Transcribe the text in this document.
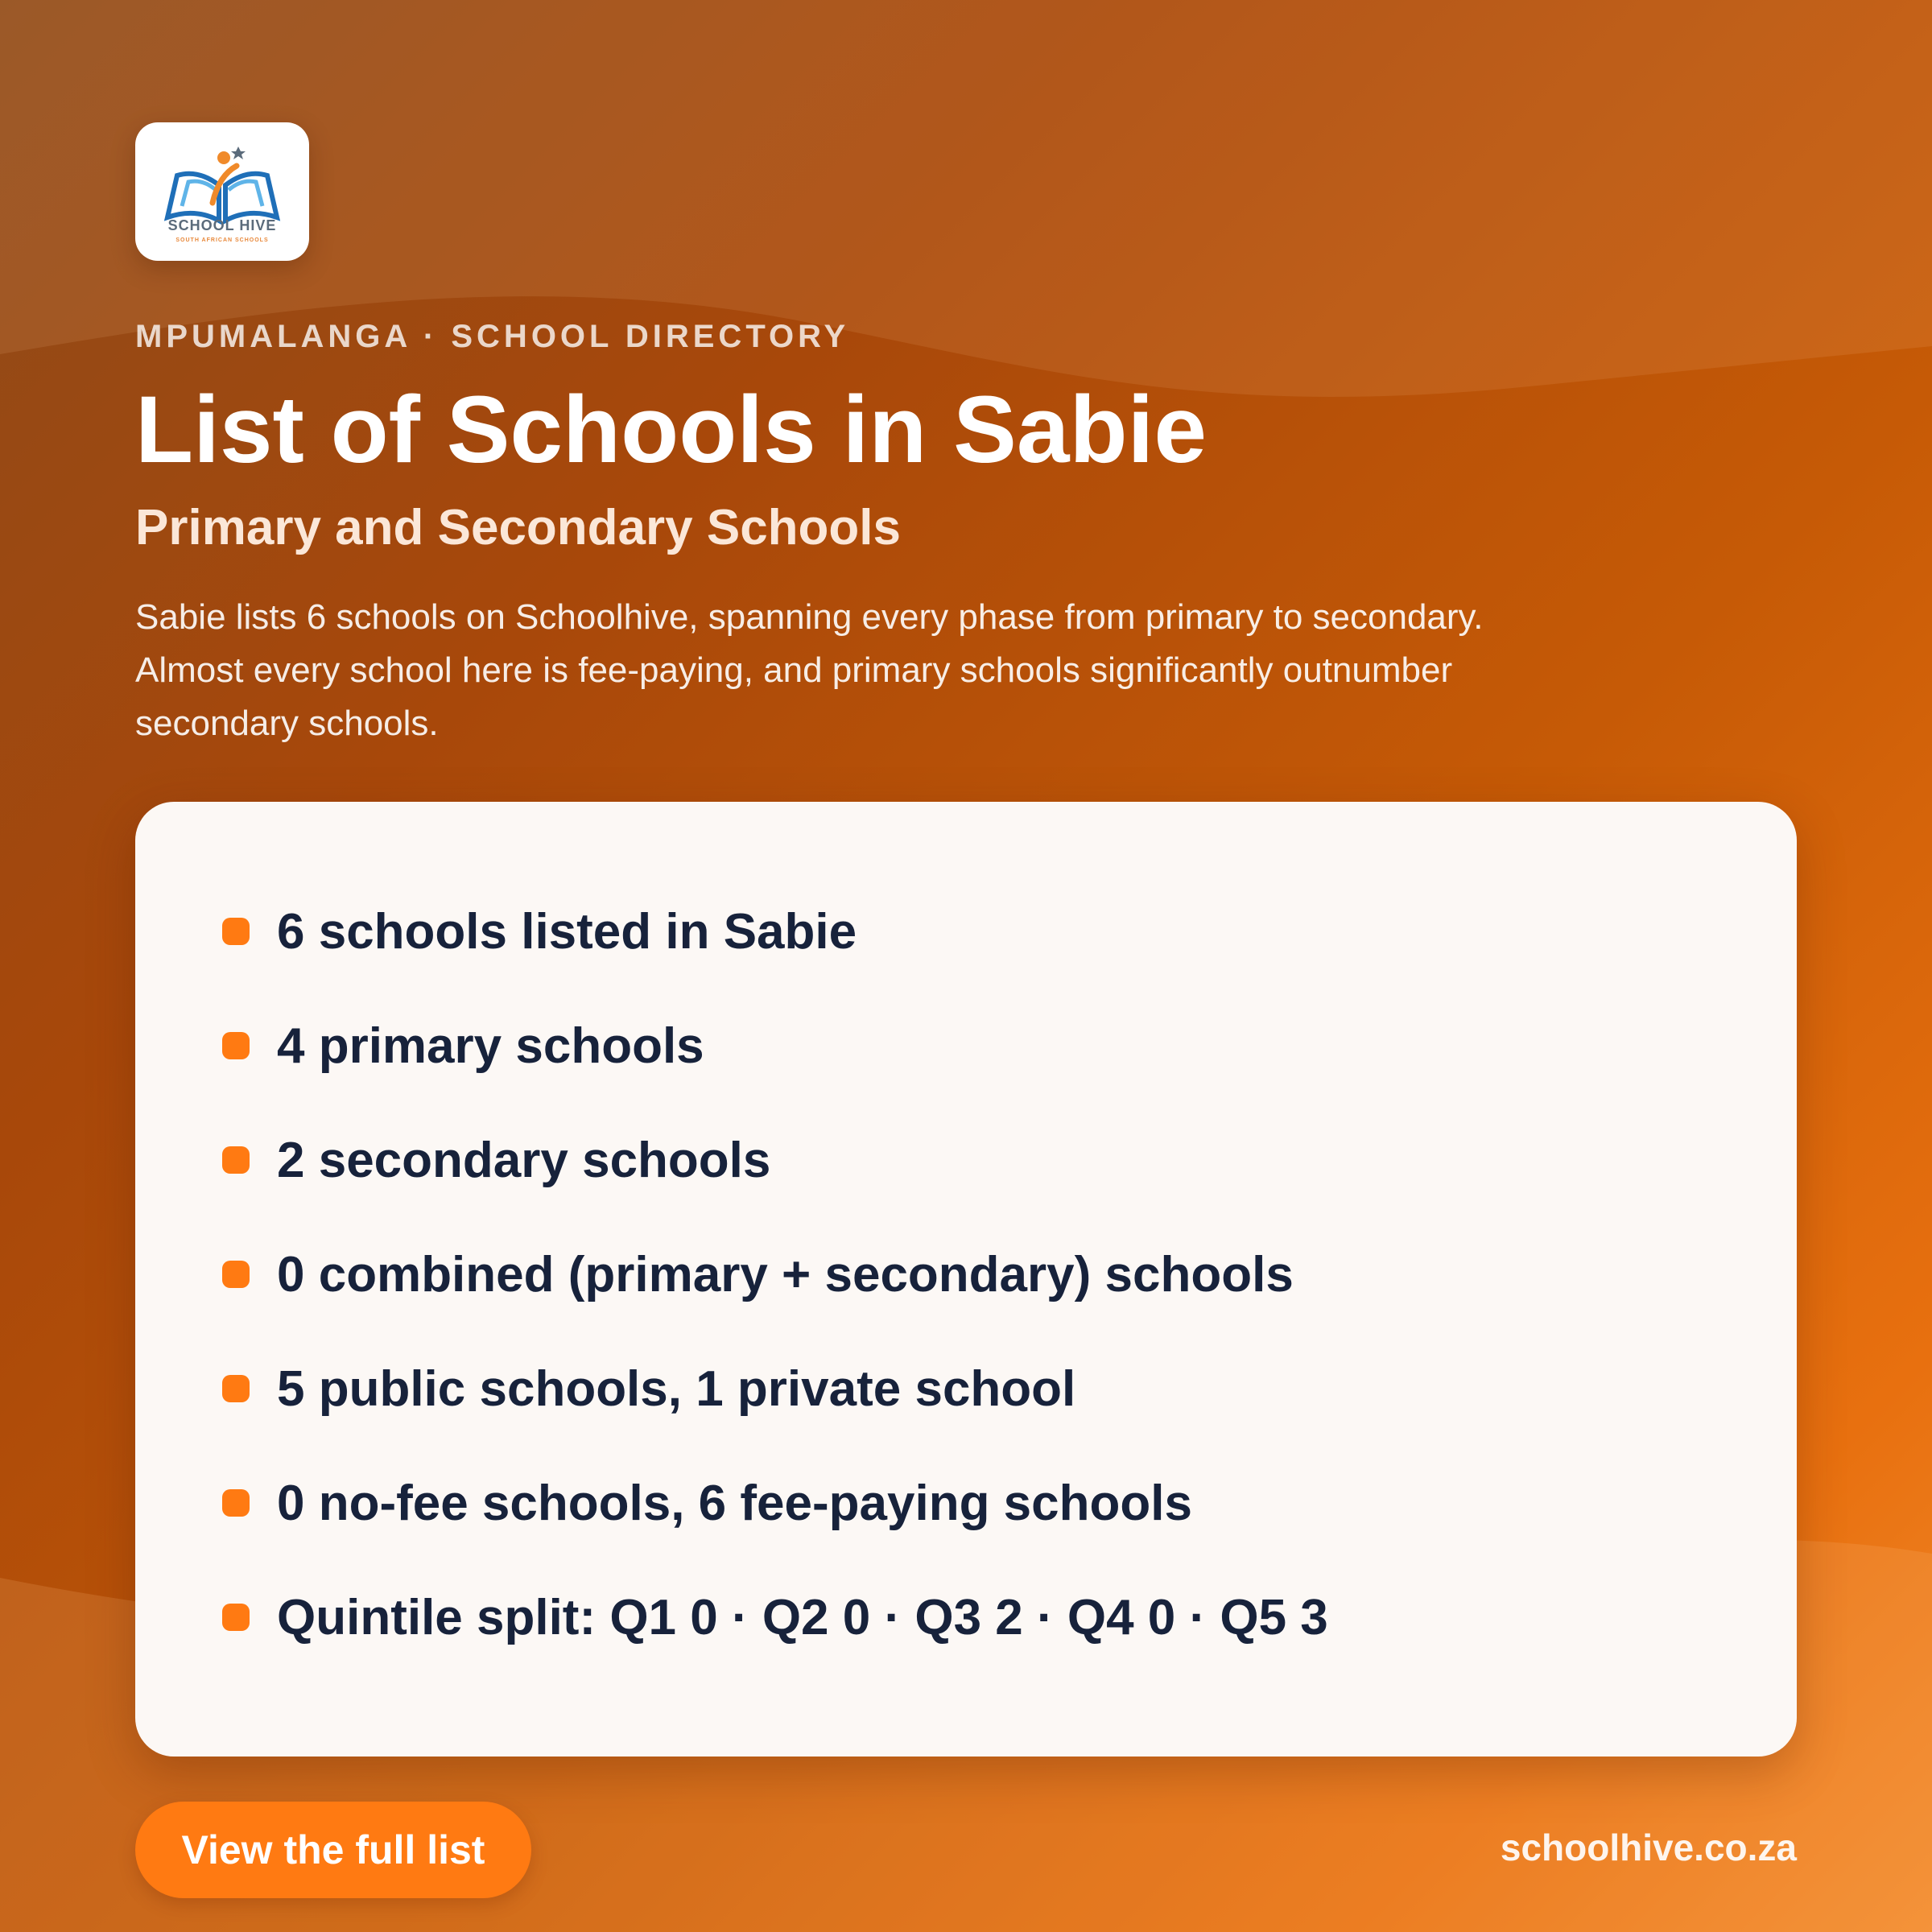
SCHOOL HIVE
SOUTH AFRICAN SCHOOLS
MPUMALANGA · SCHOOL DIRECTORY
List of Schools in Sabie
Primary and Secondary Schools
Sabie lists 6 schools on Schoolhive, spanning every phase from primary to secondary. Almost every school here is fee-paying, and primary schools significantly outnumber secondary schools.
6 schools listed in Sabie
4 primary schools
2 secondary schools
0 combined (primary + secondary) schools
5 public schools, 1 private school
0 no-fee schools, 6 fee-paying schools
Quintile split: Q1 0 · Q2 0 · Q3 2 · Q4 0 · Q5 3
View the full list	schoolhive.co.za
